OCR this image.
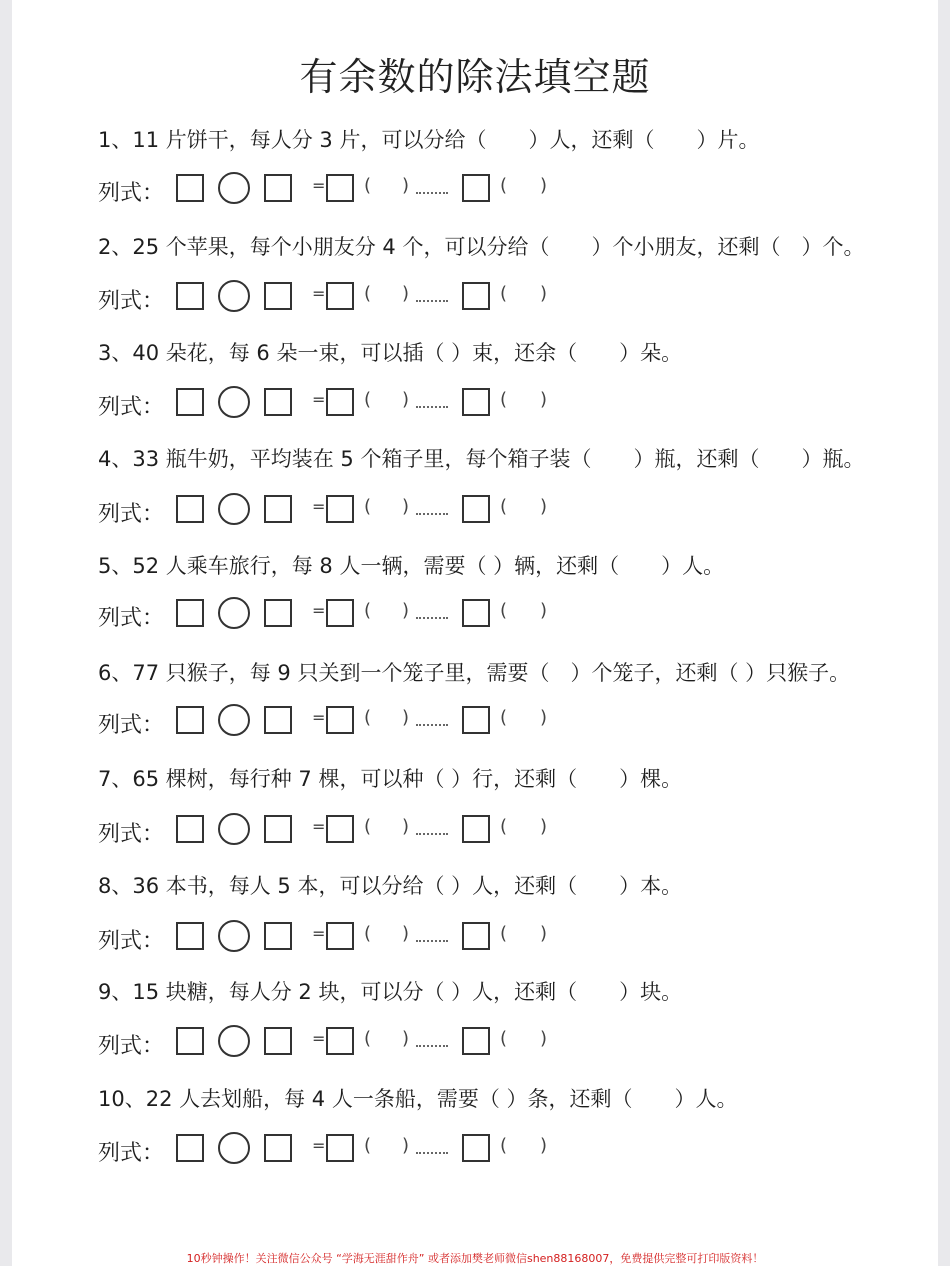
有余数的除法填空题
1、11 片饼干，每人分 3 片，可以分给（　　）人，还剩（　　）片。
列式：	= ( )	( )
2、25 个苹果，每个小朋友分 4 个，可以分给（　　）个小朋友，还剩（　）个。
列式：	= ( )	( )
3、40 朵花，每 6 朵一束，可以插（ ）束，还余（　　）朵。
列式：	= ( )	( )
4、33 瓶牛奶，平均装在 5 个箱子里，每个箱子装（　　）瓶，还剩（　　）瓶。
列式：	= ( )	( )
5、52 人乘车旅行，每 8 人一辆，需要（ ）辆，还剩（　　）人。
列式：	= ( )	( )
6、77 只猴子，每 9 只关到一个笼子里，需要（　）个笼子，还剩（ ）只猴子。
列式：	= ( )	( )
7、65 棵树，每行种 7 棵，可以种（ ）行，还剩（　　）棵。
列式：	= ( )	( )
8、36 本书，每人 5 本，可以分给（ ）人，还剩（　　）本。
列式：	= ( )	( )
9、15 块糖，每人分 2 块，可以分（ ）人，还剩（　　）块。
列式：	= ( )	( )
10、22 人去划船，每 4 人一条船，需要（ ）条，还剩（　　）人。
列式：	= ( )	( )
10秒钟操作！关注微信公众号 “学海无涯甜作舟” 或者添加樊老师微信shen88168007，免费提供完整可打印版资料！
